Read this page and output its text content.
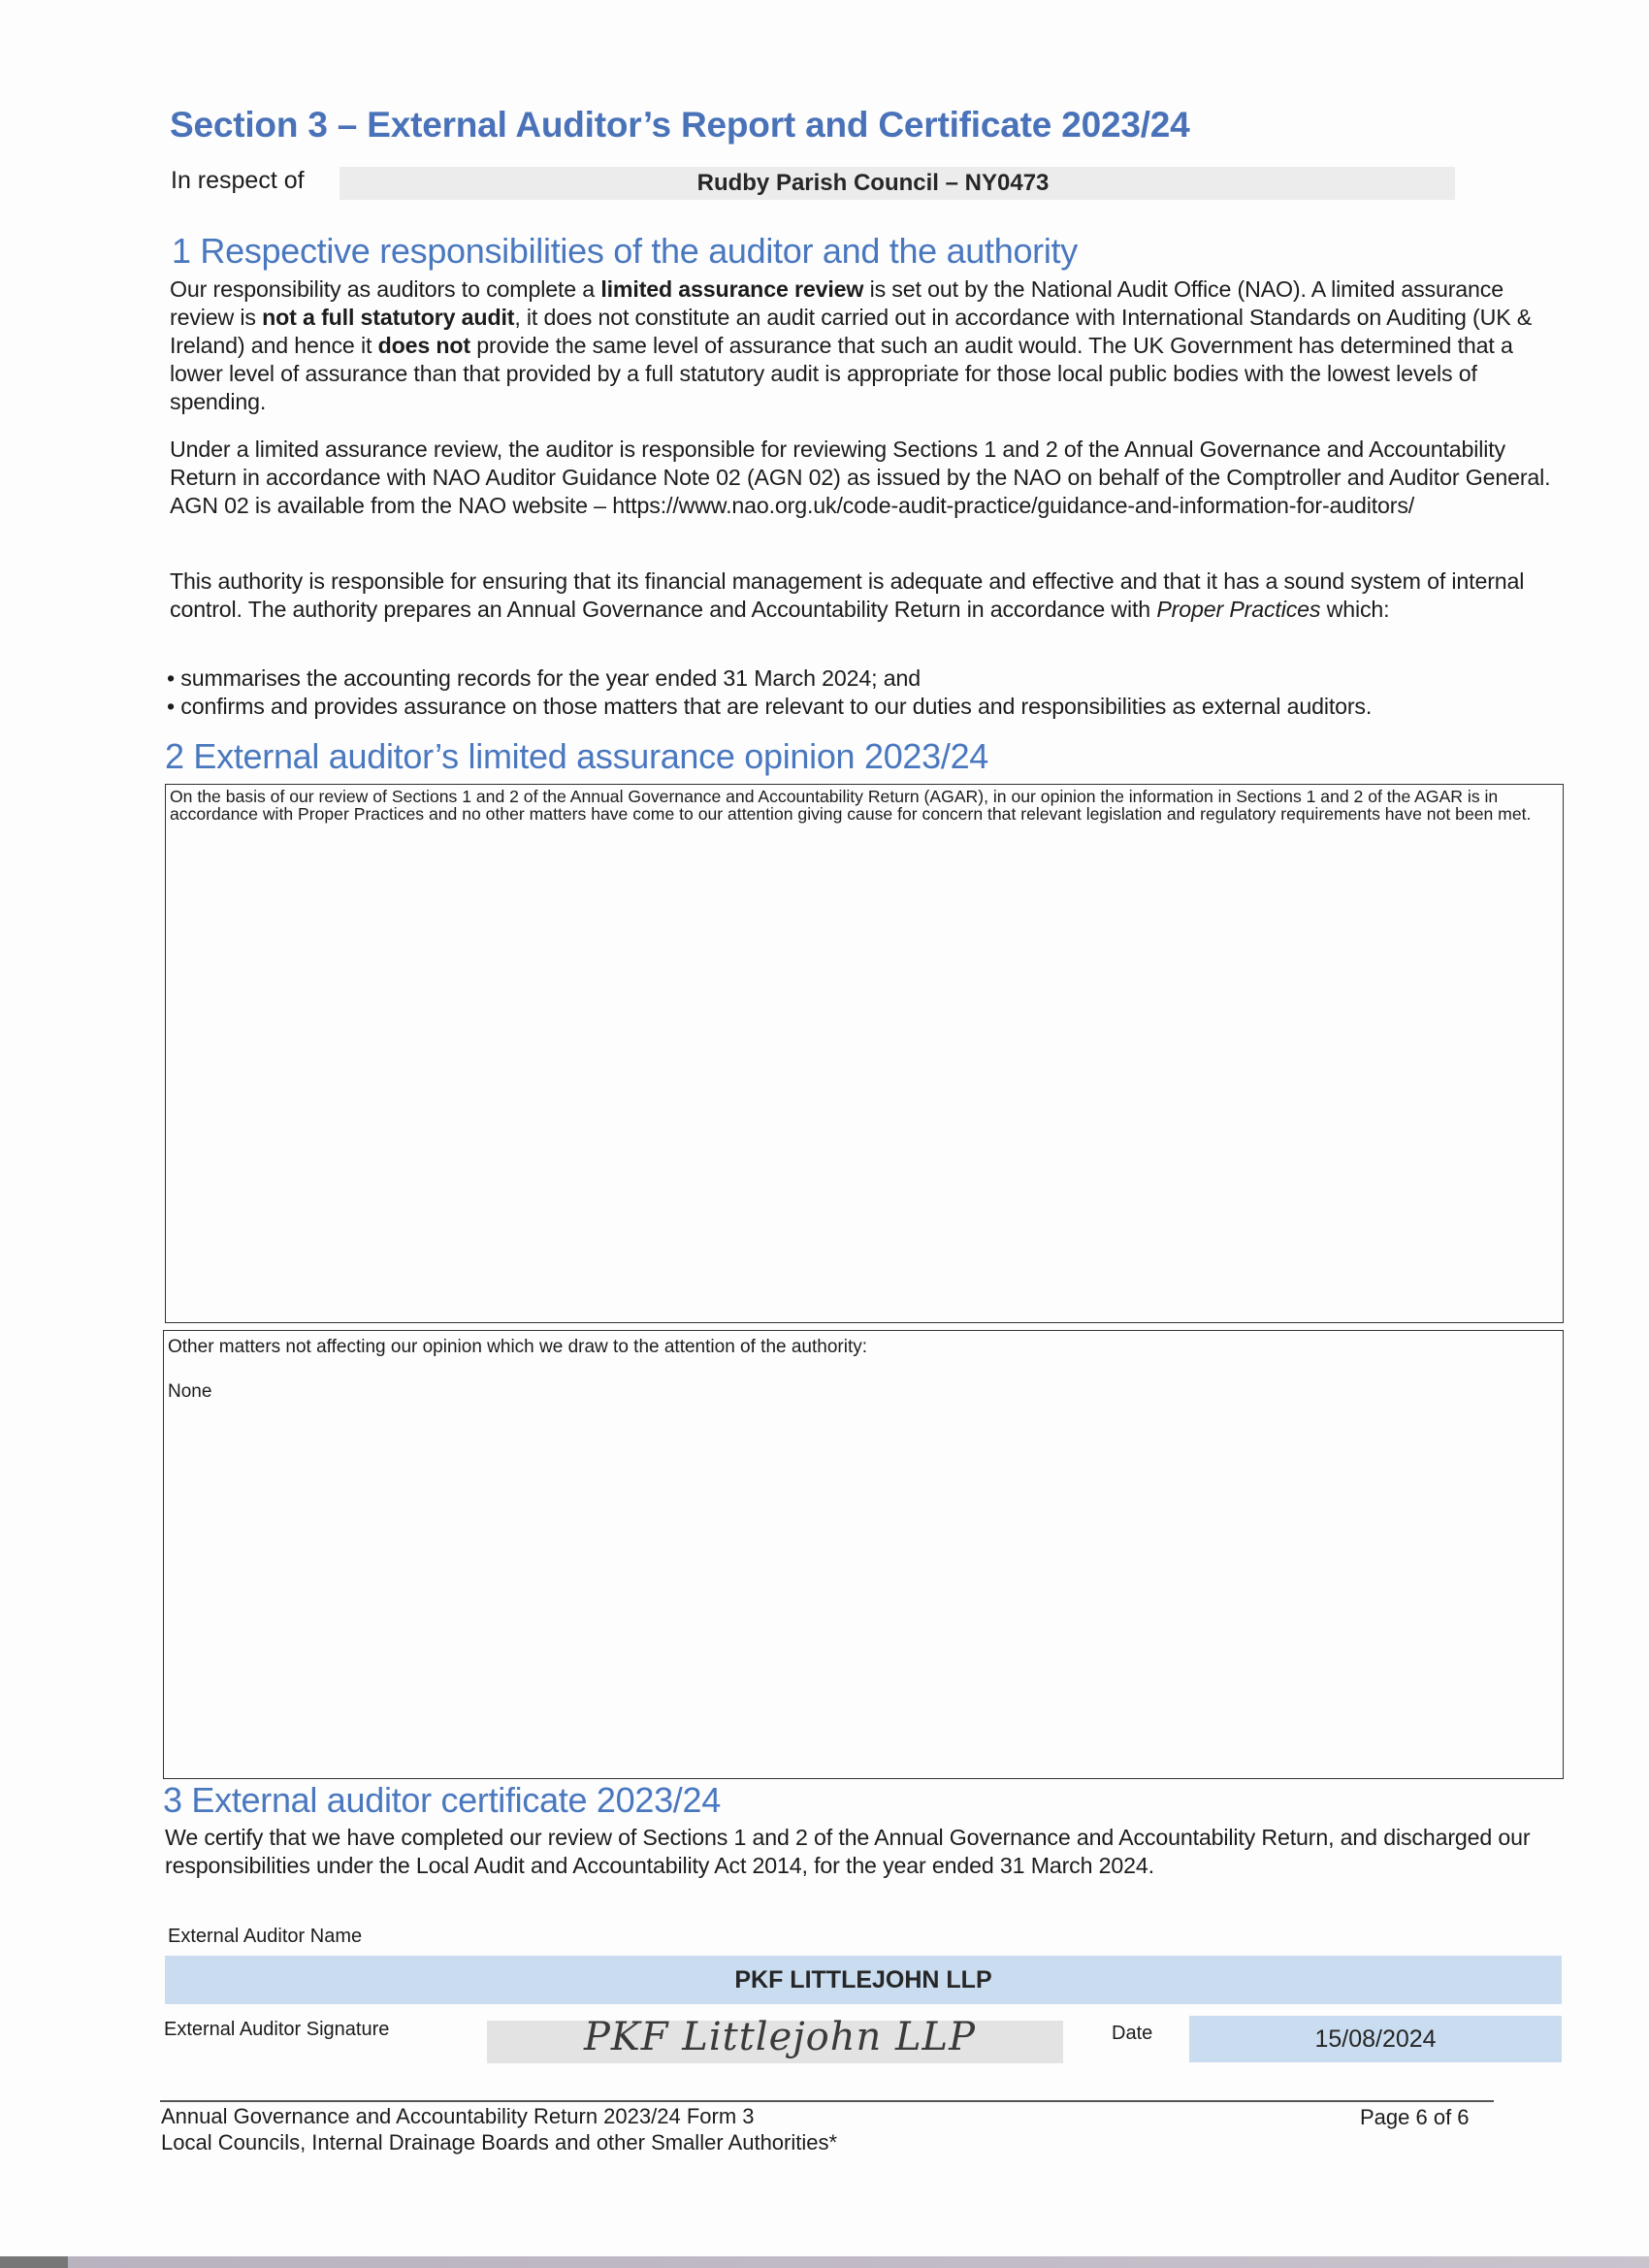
Section 3 – External Auditor’s Report and Certificate 2023/24
In respect of	Rudby Parish Council – NY0473
1 Respective responsibilities of the auditor and the authority
Our responsibility as auditors to complete a limited assurance review is set out by the National Audit Office (NAO). A limited assurance review is not a full statutory audit, it does not constitute an audit carried out in accordance with International Standards on Auditing (UK & Ireland) and hence it does not provide the same level of assurance that such an audit would. The UK Government has determined that a lower level of assurance than that provided by a full statutory audit is appropriate for those local public bodies with the lowest levels of spending.
Under a limited assurance review, the auditor is responsible for reviewing Sections 1 and 2 of the Annual Governance and Accountability Return in accordance with NAO Auditor Guidance Note 02 (AGN 02) as issued by the NAO on behalf of the Comptroller and Auditor General. AGN 02 is available from the NAO website – https://www.nao.org.uk/code-audit-practice/guidance-and-information-for-auditors/
This authority is responsible for ensuring that its financial management is adequate and effective and that it has a sound system of internal control. The authority prepares an Annual Governance and Accountability Return in accordance with Proper Practices which:
• summarises the accounting records for the year ended 31 March 2024; and
• confirms and provides assurance on those matters that are relevant to our duties and responsibilities as external auditors.
2 External auditor’s limited assurance opinion 2023/24
On the basis of our review of Sections 1 and 2 of the Annual Governance and Accountability Return (AGAR), in our opinion the information in Sections 1 and 2 of the AGAR is in accordance with Proper Practices and no other matters have come to our attention giving cause for concern that relevant legislation and regulatory requirements have not been met.
Other matters not affecting our opinion which we draw to the attention of the authority:
None
3 External auditor certificate 2023/24
We certify that we have completed our review of Sections 1 and 2 of the Annual Governance and Accountability Return, and discharged our responsibilities under the Local Audit and Accountability Act 2014, for the year ended 31 March 2024.
External Auditor Name
PKF LITTLEJOHN LLP
External Auditor Signature	PKF Littlejohn LLP	Date	15/08/2024
Annual Governance and Accountability Return 2023/24 Form 3
Local Councils, Internal Drainage Boards and other Smaller Authorities*
Page 6 of 6
